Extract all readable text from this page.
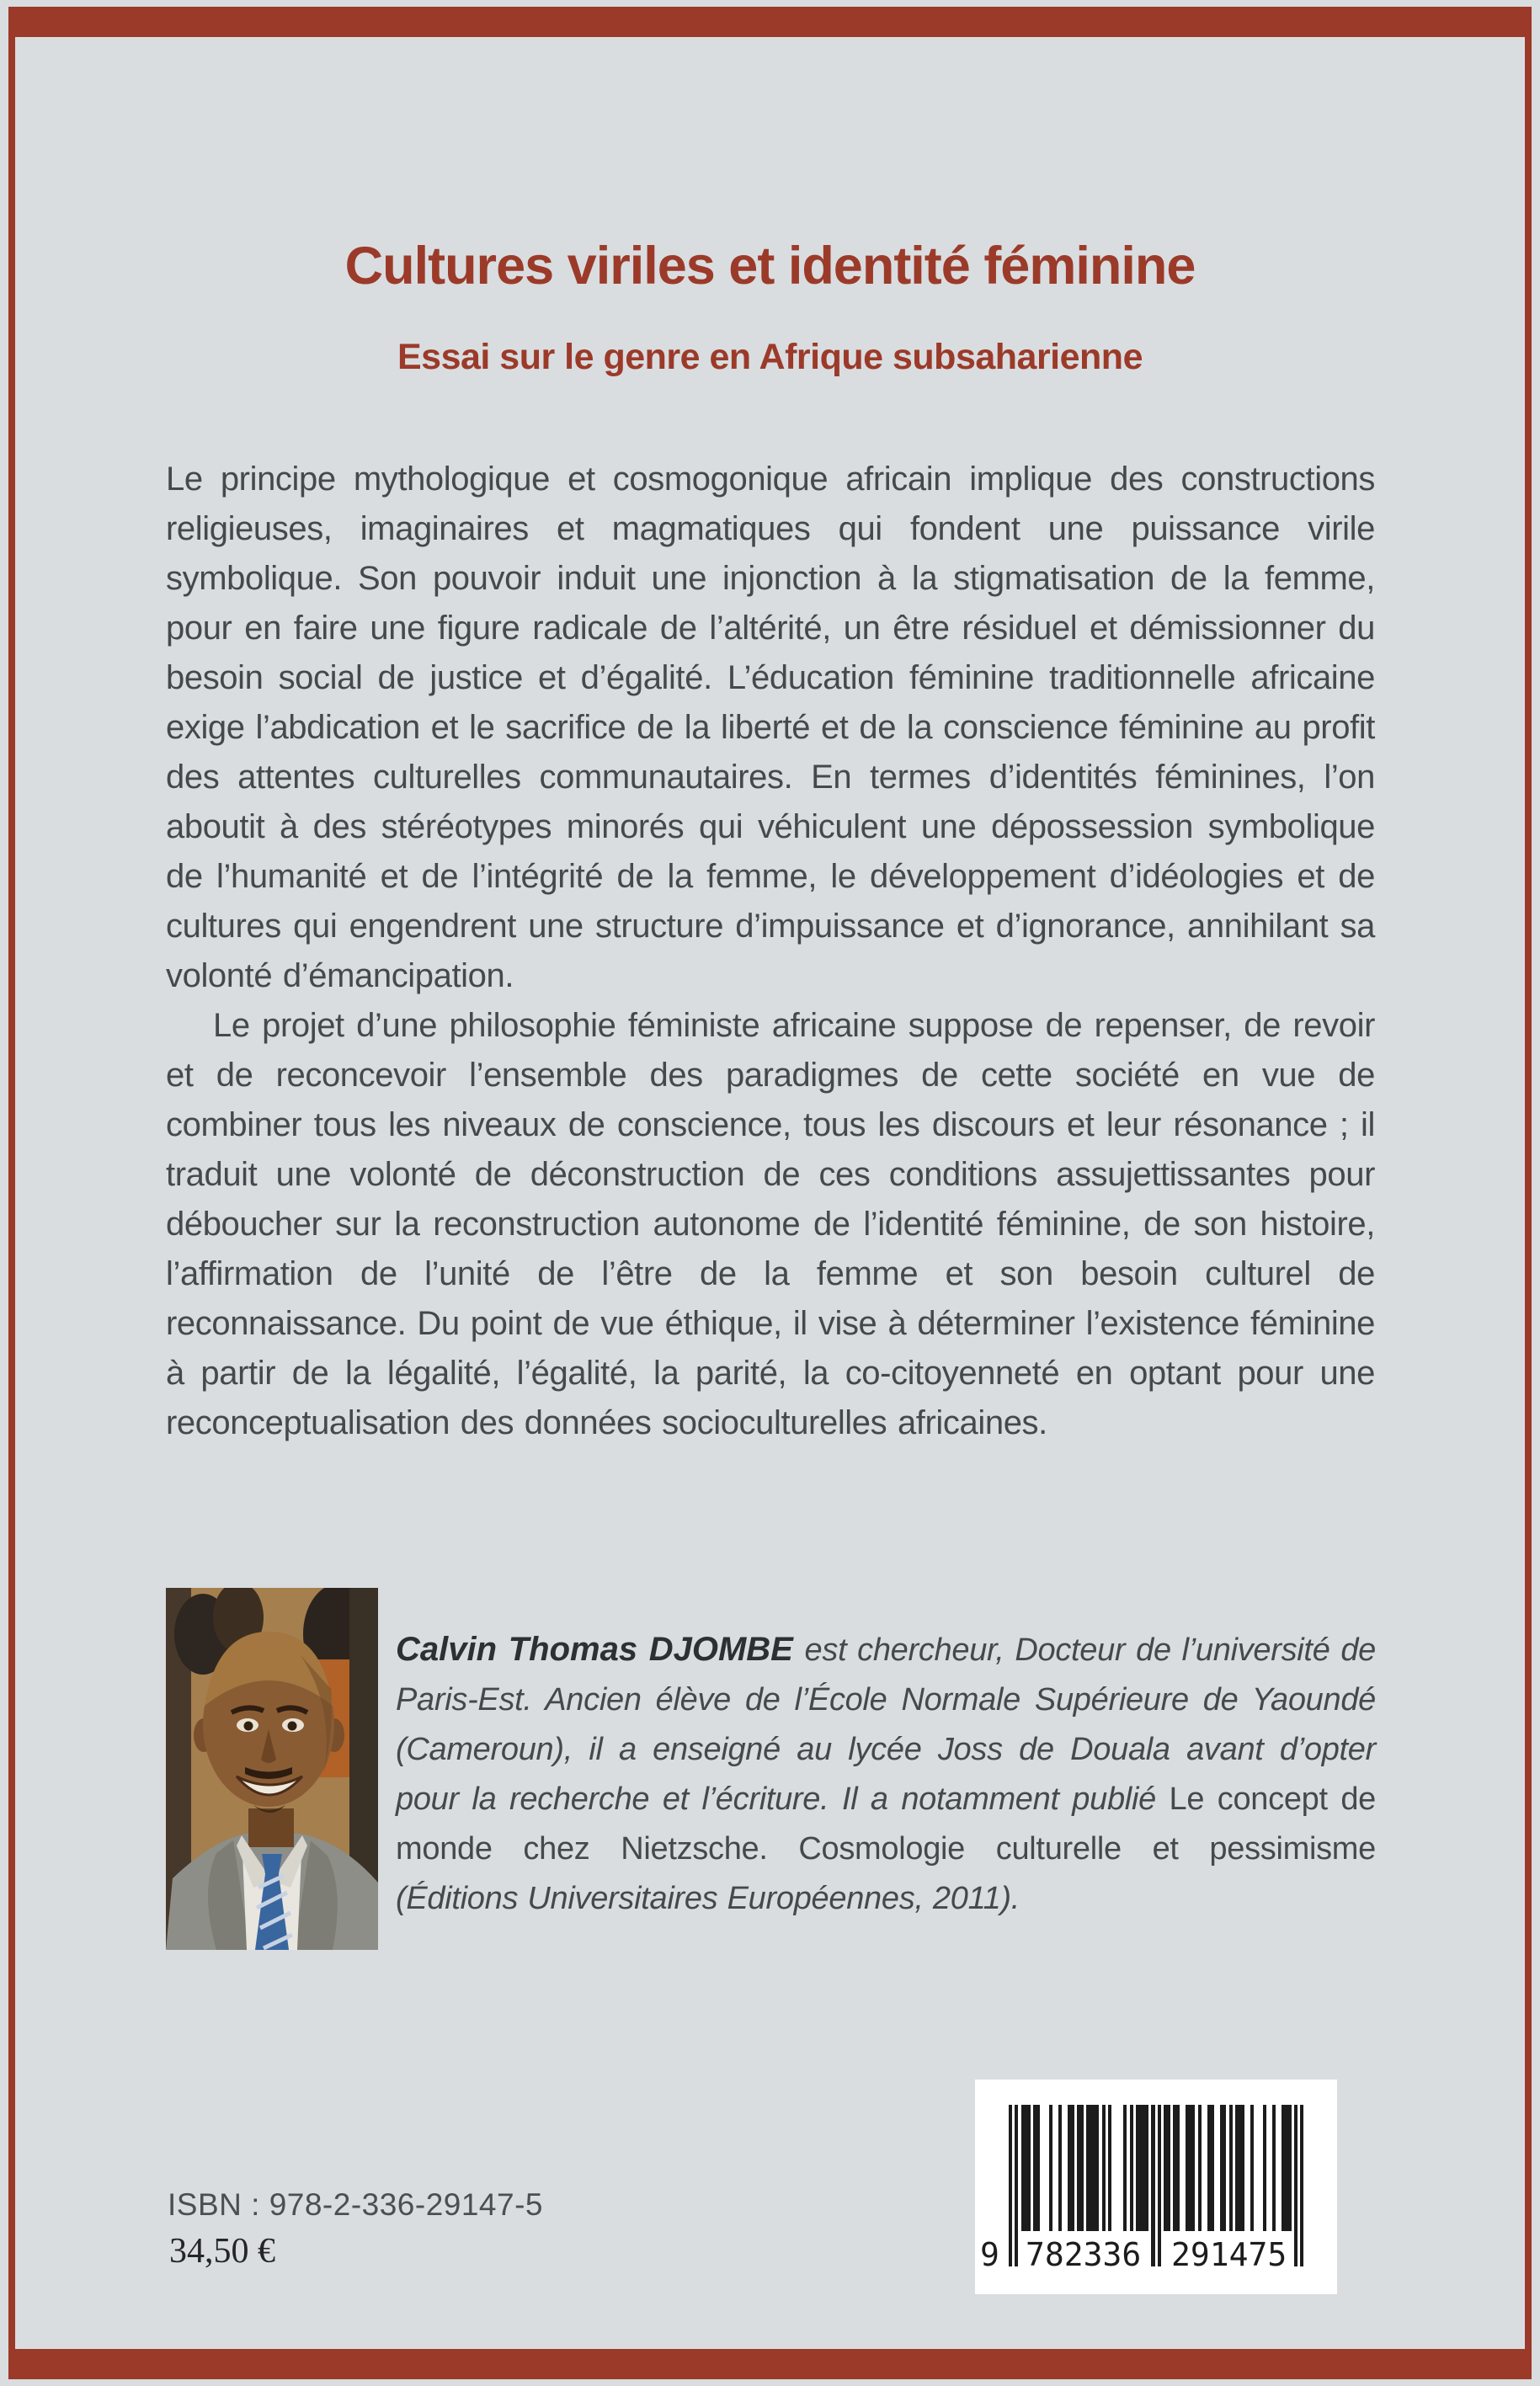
Cultures viriles et identité féminine
Essai sur le genre en Afrique subsaharienne

Le principe mythologique et cosmogonique africain implique des constructions religieuses, imaginaires et magmatiques qui fondent une puissance virile symbolique. Son pouvoir induit une injonction à la stigmatisation de la femme, pour en faire une figure radicale de l’altérité, un être résiduel et démissionner du besoin social de justice et d’égalité. L’éducation féminine traditionnelle africaine exige l’abdication et le sacrifice de la liberté et de la conscience féminine au profit des attentes culturelles communautaires. En termes d’identités féminines, l’on aboutit à des stéréotypes minorés qui véhiculent une dépossession symbolique de l’humanité et de l’intégrité de la femme, le développement d’idéologies et de cultures qui engendrent une structure d’impuissance et d’ignorance, annihilant sa volonté d’émancipation.

Le projet d’une philosophie féministe africaine suppose de repenser, de revoir et de reconcevoir l’ensemble des paradigmes de cette société en vue de combiner tous les niveaux de conscience, tous les discours et leur résonance ; il traduit une volonté de déconstruction de ces conditions assujettissantes pour déboucher sur la reconstruction autonome de l’identité féminine, de son histoire, l’affirmation de l’unité de l’être de la femme et son besoin culturel de reconnaissance. Du point de vue éthique, il vise à déterminer l’existence féminine à partir de la légalité, l’égalité, la parité, la co-citoyenneté en optant pour une reconceptualisation des données socioculturelles africaines.

Calvin Thomas DJOMBE est chercheur, Docteur de l’université de Paris-Est. Ancien élève de l’École Normale Supérieure de Yaoundé (Cameroun), il a enseigné au lycée Joss de Douala avant d’opter pour la recherche et l’écriture. Il a notamment publié Le concept de monde chez Nietzsche. Cosmologie culturelle et pessimisme (Éditions Universitaires Européennes, 2011).

ISBN : 978-2-336-29147-5
34,50 €	9 782336 291475
